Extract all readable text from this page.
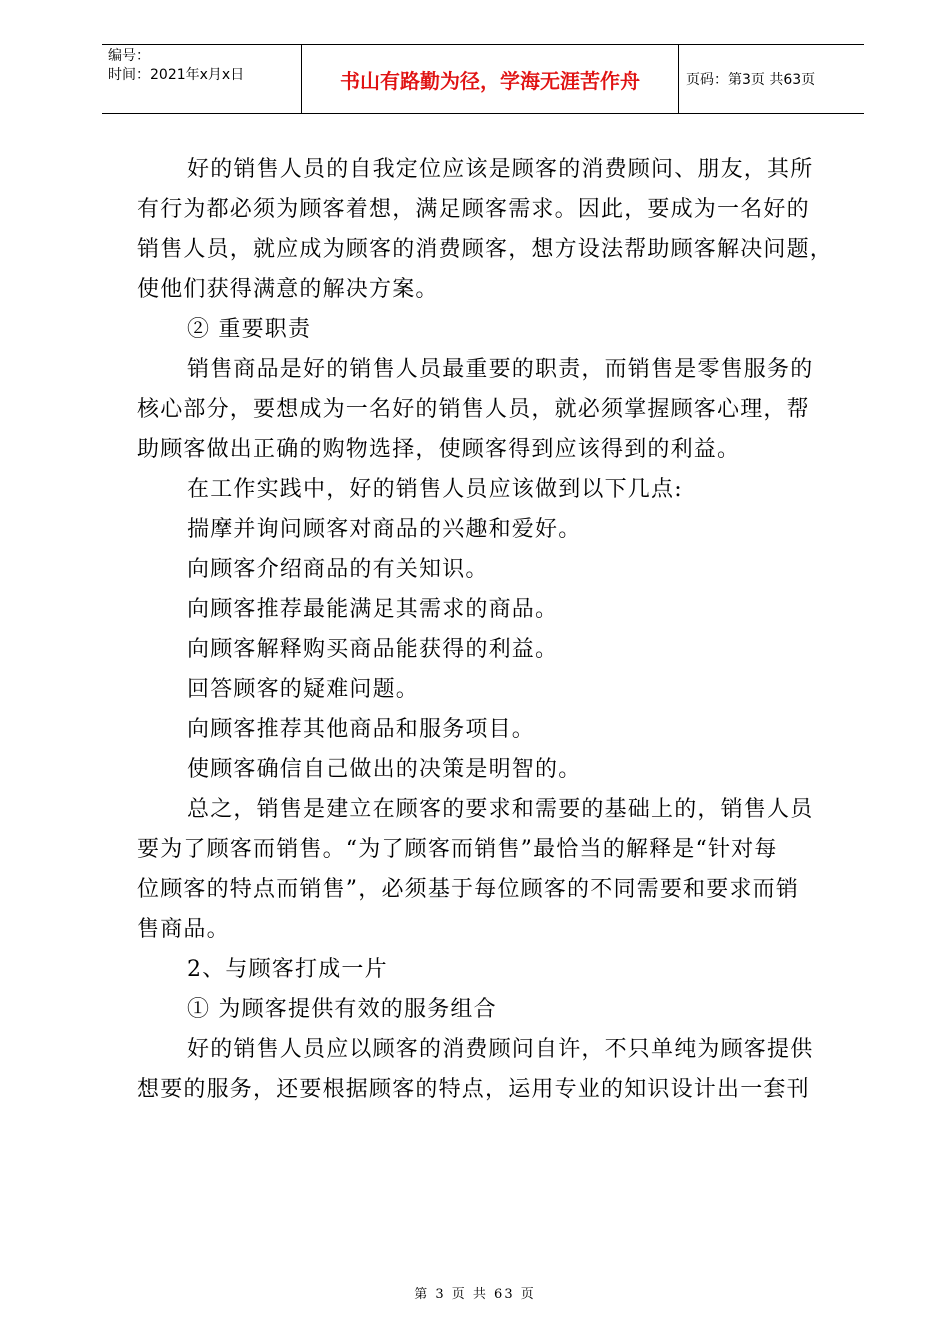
编号：
时间：2021年x月x日	书山有路勤为径，学海无涯苦作舟	页码：第3页 共63页

好的销售人员的自我定位应该是顾客的消费顾问、朋友，其所

有行为都必须为顾客着想，满足顾客需求。因此，要成为一名好的

销售人员，就应成为顾客的消费顾客，想方设法帮助顾客解决问题，

使他们获得满意的解决方案。

② 重要职责

销售商品是好的销售人员最重要的职责，而销售是零售服务的

核心部分，要想成为一名好的销售人员，就必须掌握顾客心理，帮

助顾客做出正确的购物选择，使顾客得到应该得到的利益。

在工作实践中，好的销售人员应该做到以下几点:

揣摩并询问顾客对商品的兴趣和爱好。

向顾客介绍商品的有关知识。

向顾客推荐最能满足其需求的商品。

向顾客解释购买商品能获得的利益。

回答顾客的疑难问题。

向顾客推荐其他商品和服务项目。

使顾客确信自己做出的决策是明智的。

总之，销售是建立在顾客的要求和需要的基础上的，销售人员

要为了顾客而销售。“为了顾客而销售”最恰当的解释是“针对每

位顾客的特点而销售”，必须基于每位顾客的不同需要和要求而销

售商品。

2、与顾客打成一片

① 为顾客提供有效的服务组合

好的销售人员应以顾客的消费顾问自许，不只单纯为顾客提供

想要的服务，还要根据顾客的特点，运用专业的知识设计出一套刊

第 3 页 共 63 页
